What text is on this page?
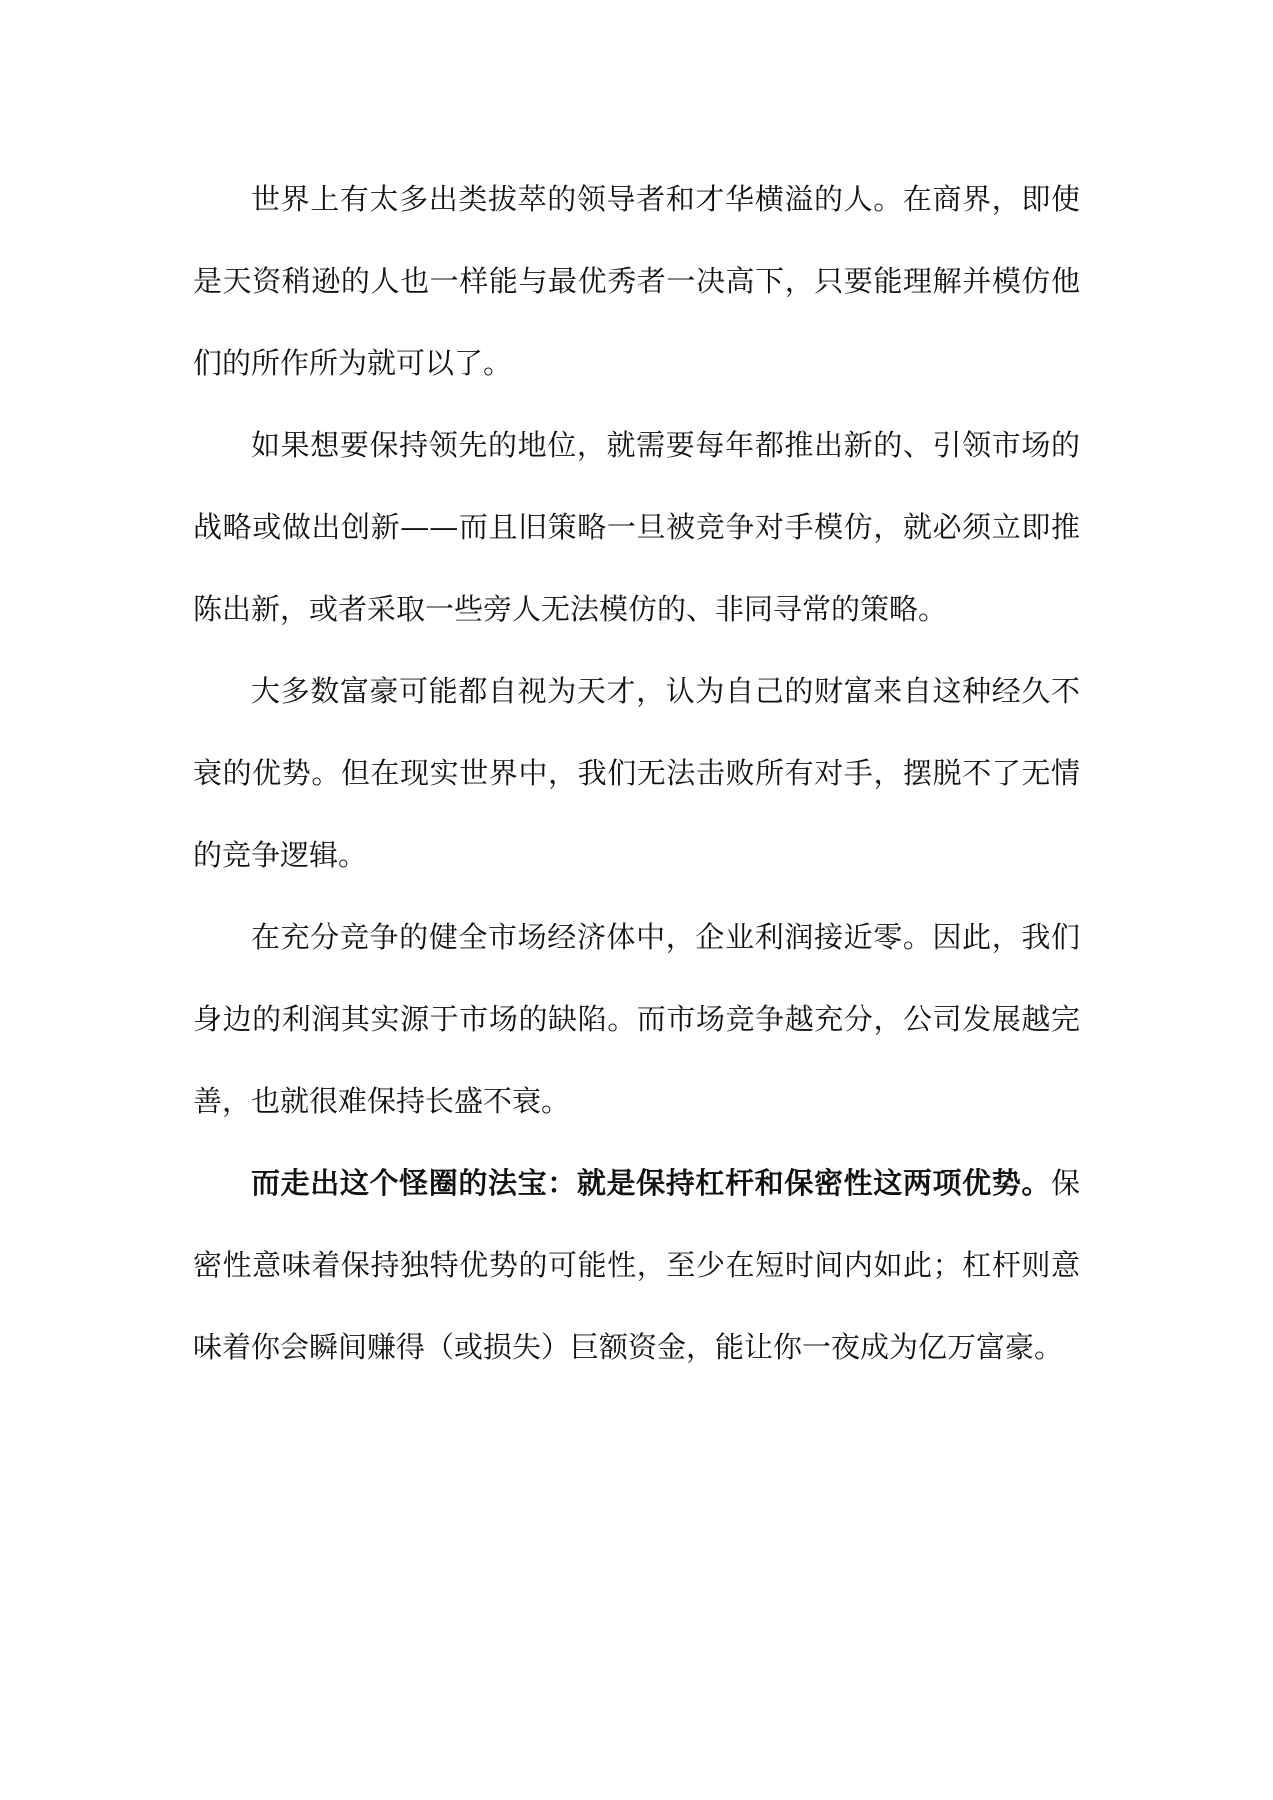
世界上有太多出类拔萃的领导者和才华横溢的人。在商界，即使是天资稍逊的人也一样能与最优秀者一决高下，只要能理解并模仿他们的所作所为就可以了。

如果想要保持领先的地位，就需要每年都推出新的、引领市场的战略或做出创新——而且旧策略一旦被竞争对手模仿，就必须立即推陈出新，或者采取一些旁人无法模仿的、非同寻常的策略。

大多数富豪可能都自视为天才，认为自己的财富来自这种经久不衰的优势。但在现实世界中，我们无法击败所有对手，摆脱不了无情的竞争逻辑。

在充分竞争的健全市场经济体中，企业利润接近零。因此，我们身边的利润其实源于市场的缺陷。而市场竞争越充分，公司发展越完善，也就很难保持长盛不衰。

而走出这个怪圈的法宝：就是保持杠杆和保密性这两项优势。保密性意味着保持独特优势的可能性，至少在短时间内如此；杠杆则意味着你会瞬间赚得（或损失）巨额资金，能让你一夜成为亿万富豪。
